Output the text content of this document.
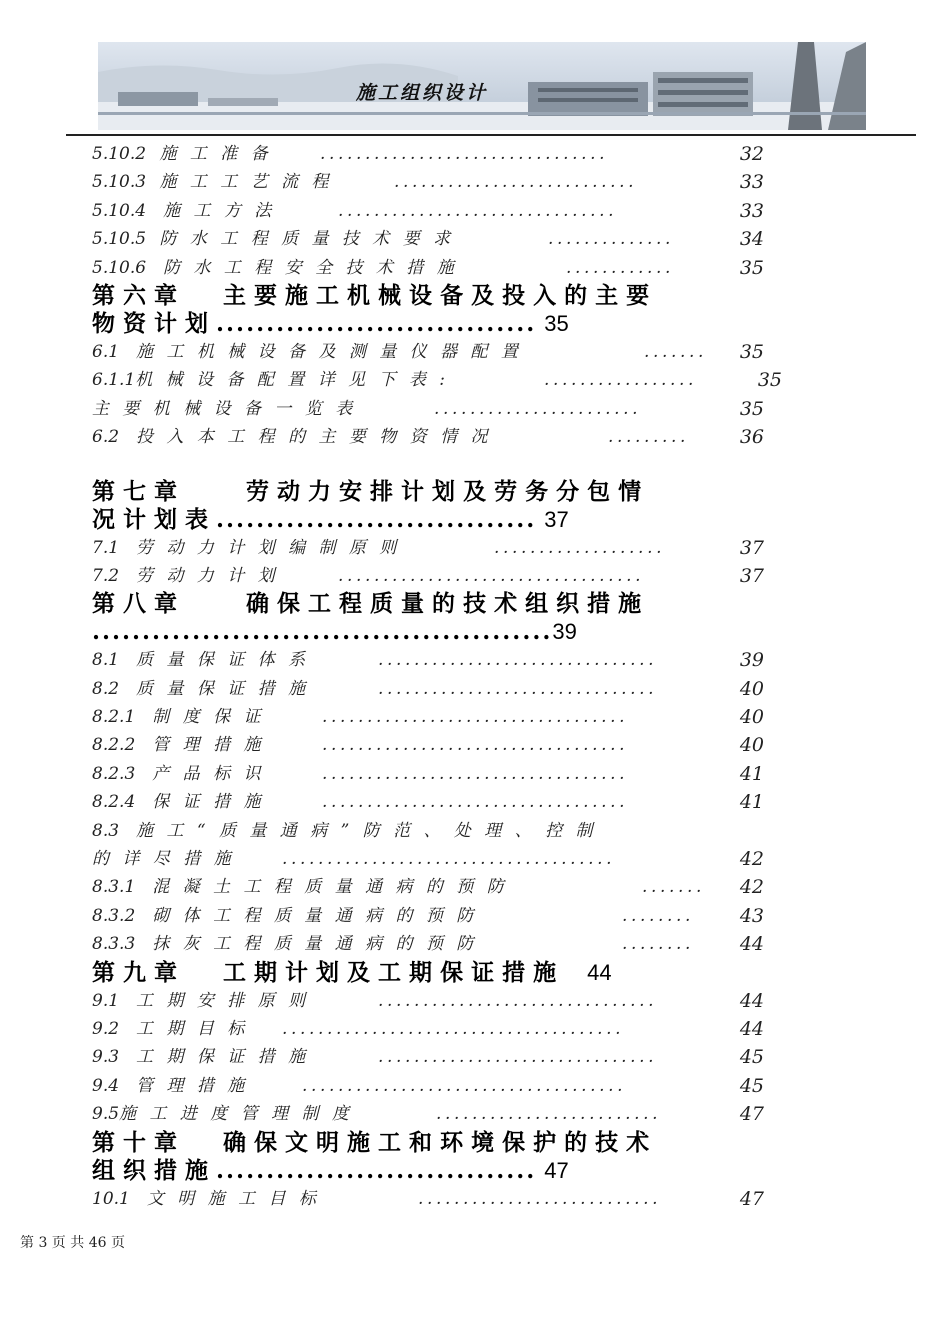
施工组织设计
5.10.2 施 工 准 备	................................	32
5.10.3 施 工 工 艺 流 程	...........................	33
5.10.4　 施 工 方 法	...............................	33
5.10.5 防 水 工 程 质 量 技 术 要 求	..............	34
5.10.6　 防 水 工 程 安 全 技 术 措 施	............	35
第 六 章　　主 要 施 工 机 械 设 备 及 投 入 的 主 要
物 资 计 划 ................................ 35
6.1　 施 工 机 械 设 备 及 测 量 仪 器 配 置	.......	35
6.1.1机 械 设 备 配 置 详 见 下 表 :	.................	35
主 要 机 械 设 备 一 览 表	.......................	35
6.2　 投 入 本 工 程 的 主 要 物 资 情 况	.........	36
第 七 章　　　劳 动 力 安 排 计 划 及 劳 务 分 包 情
况 计 划 表 ................................ 37
7.1　 劳 动 力 计 划 编 制 原 则	...................	37
7.2　 劳 动 力 计 划	..................................	37
第 八 章　　　确 保 工 程 质 量 的 技 术 组 织 措 施
..............................................39
8.1　 质 量 保 证 体 系	...............................	39
8.2　 质 量 保 证 措 施	...............................	40
8.2.1　 制 度 保 证	..................................	40
8.2.2　 管 理 措 施	..................................	40
8.2.3　 产 品 标 识	..................................	41
8.2.4　 保 证 措 施	..................................	41
8.3　 施 工 “ 质 量 通 病 ” 防 范 、 处 理 、 控 制
的 详 尽 措 施	.....................................	42
8.3.1　 混 凝 土 工 程 质 量 通 病 的 预 防	.......	42
8.3.2　 砌 体 工 程 质 量 通 病 的 预 防	........	43
8.3.3　 抹 灰 工 程 质 量 通 病 的 预 防	........	44
第 九 章　　工 期 计 划 及 工 期 保 证 措 施　 44
9.1　 工 期 安 排 原 则	...............................	44
9.2　 工 期 目 标 ......................................	44
9.3　 工 期 保 证 措 施	...............................	45
9.4　 管 理 措 施	....................................	45
9.5施 工 进 度 管 理 制 度	.........................	47
第 十 章　　确 保 文 明 施 工 和 环 境 保 护 的 技 术
组 织 措 施 ................................ 47
10.1　 文 明 施 工 目 标	...........................	47
第 3 页 共 46 页
